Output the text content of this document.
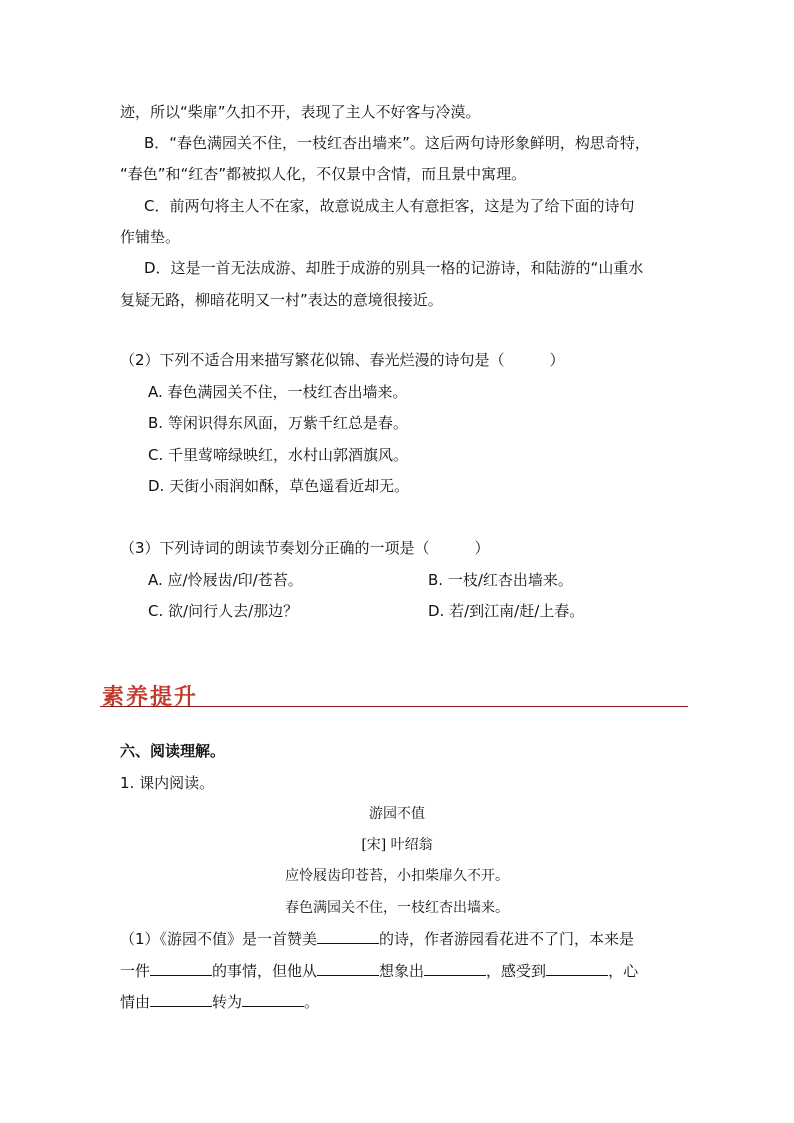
迹，所以“柴扉”久扣不开，表现了主人不好客与冷漠。
B．“春色满园关不住，一枝红杏出墙来”。这后两句诗形象鲜明，构思奇特，
“春色”和“红杏”都被拟人化，不仅景中含情，而且景中寓理。
C．前两句将主人不在家，故意说成主人有意拒客，这是为了给下面的诗句
作铺垫。
D．这是一首无法成游、却胜于成游的别具一格的记游诗，和陆游的“山重水
复疑无路，柳暗花明又一村”表达的意境很接近。
（2）下列不适合用来描写繁花似锦、春光烂漫的诗句是（　　　）
A. 春色满园关不住，一枝红杏出墙来。
B. 等闲识得东风面，万紫千红总是春。
C. 千里莺啼绿映红，水村山郭酒旗风。
D. 天街小雨润如酥，草色遥看近却无。
（3）下列诗词的朗读节奏划分正确的一项是（　　　）
A. 应/怜屐齿/印/苍苔。	B. 一枝/红杏出墙来。
C. 欲/问行人去/那边？	D. 若/到江南/赶/上春。
素养提升
六、阅读理解。
1. 课内阅读。
游园不值
[宋] 叶绍翁
应怜屐齿印苍苔，小扣柴扉久不开。
春色满园关不住，一枝红杏出墙来。
（1）《游园不值》是一首赞美	的诗，作者游园看花进不了门，本来是
一件	的事情，但他从	想象出	，感受到	，心
情由	转为	。
